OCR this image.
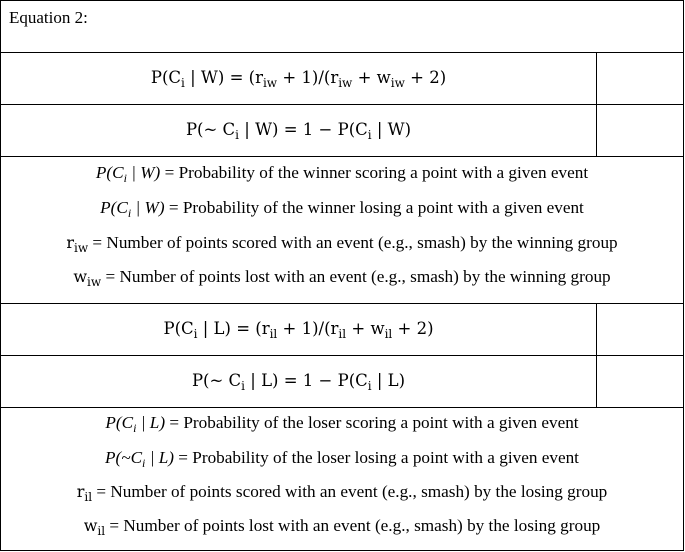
Equation 2:
$P(C_i$ | $W) = (r_{iw} + 1)/(r_{iw} + w_{iw} + 2)$
P(~ $C_i$ | $W) = 1 - P(C_i$ | W)
$P(C_i$ | W) = Probability of the winner scoring a point with a given event
$P(C_i$ | W) = Probability of the winner losing a point with a given event
$r_{iw}$ = Number of points scored with an event (e.g., smash) by the winning group
$w_{iw}$ = Number of points lost with an event (e.g., smash) by the winning group
$P(C_i$ | $L) = (r_{il} + 1)/(r_{il} + w_{il} + 2)$
P(~ $C_i$ | $L) = 1 - P(C_i$ | L)
$P(C_i$ | L) = Probability of the loser scoring a point with a given event
$P(\sim C_i$ | L) = Probability of the loser losing a point with a given event
$r_{il}$ = Number of points scored with an event (e.g., smash) by the losing group
$w_{il}$ = Number of points lost with an event (e.g., smash) by the losing group
